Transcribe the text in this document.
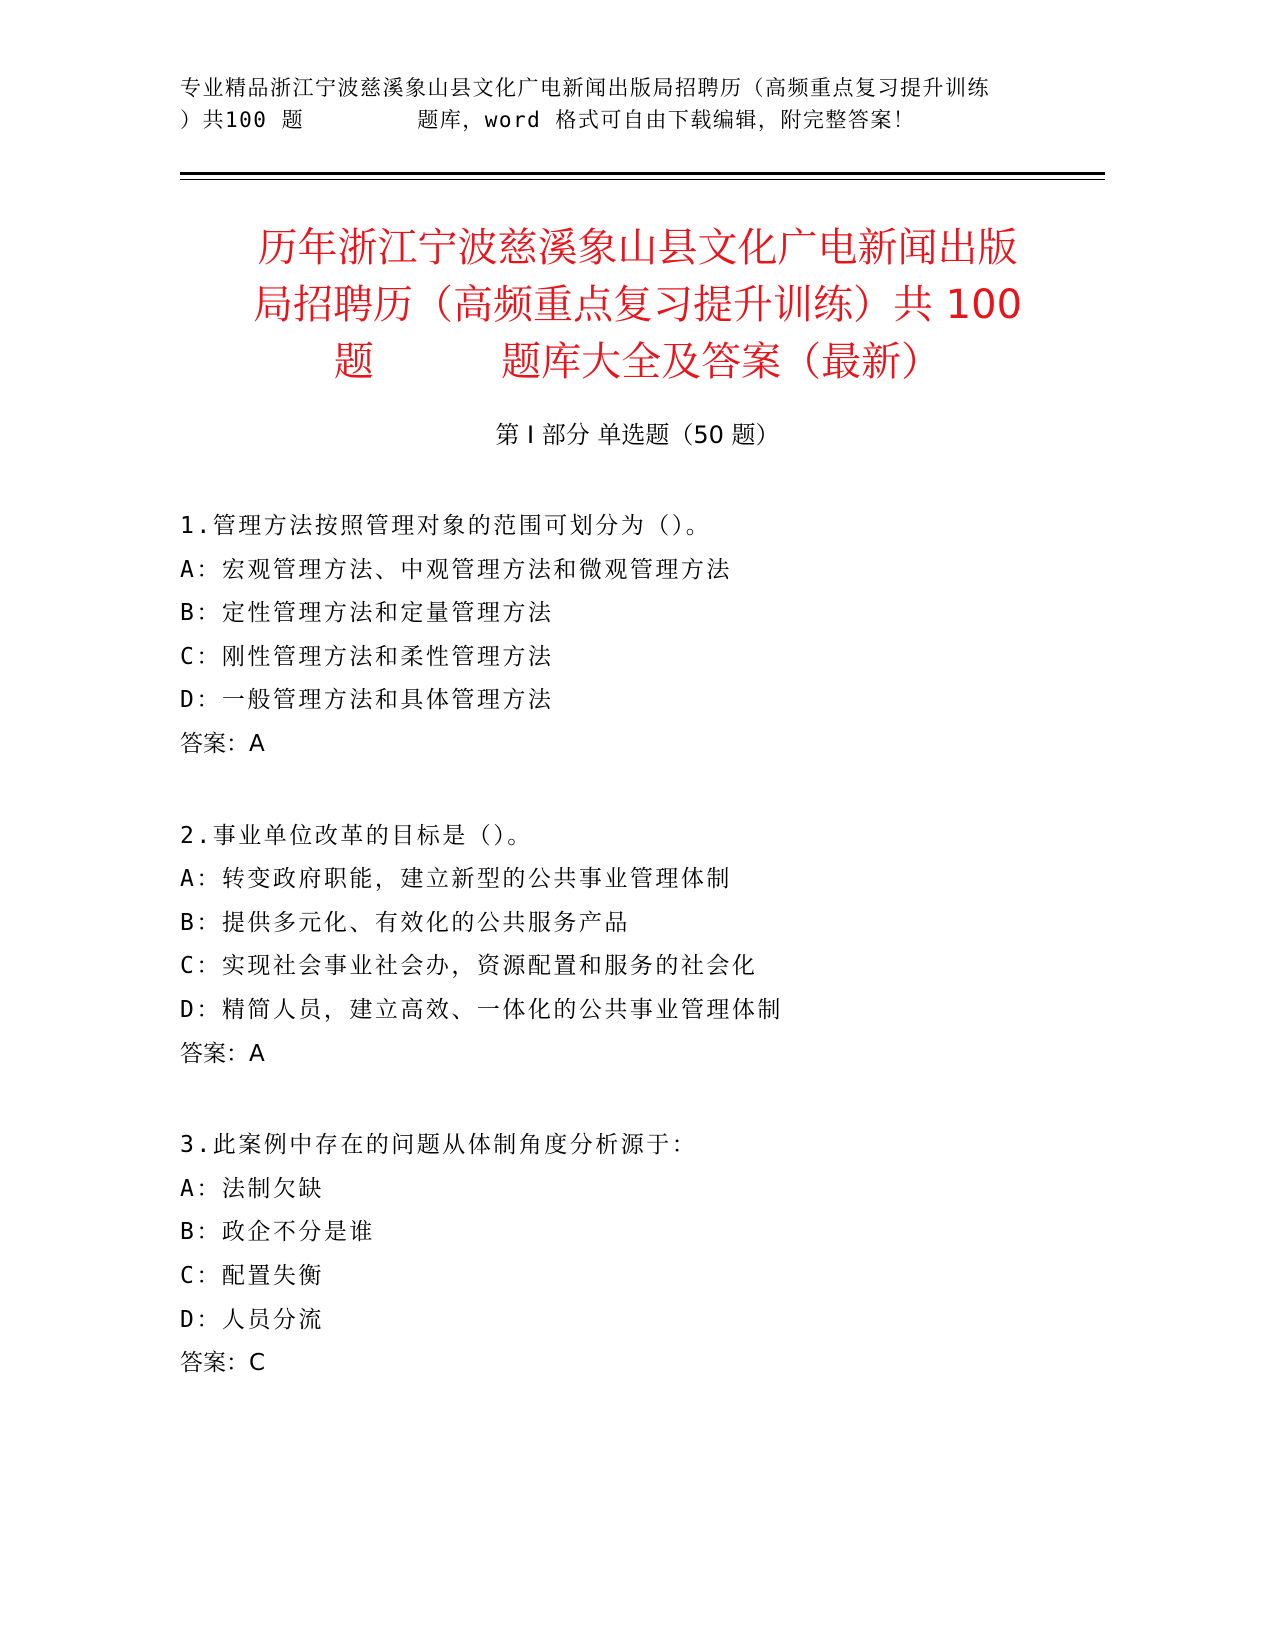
专业精品浙江宁波慈溪象山县文化广电新闻出版局招聘历（高频重点复习提升训练
）共100 题        题库，word 格式可自由下载编辑，附完整答案！
历年浙江宁波慈溪象山县文化广电新闻出版
局招聘历（高频重点复习提升训练）共 100
题          题库大全及答案（最新）
第 I 部分 单选题（50 题）
1.管理方法按照管理对象的范围可划分为（）。
A：宏观管理方法、中观管理方法和微观管理方法
B：定性管理方法和定量管理方法
C：刚性管理方法和柔性管理方法
D：一般管理方法和具体管理方法
答案：A
2.事业单位改革的目标是（）。
A：转变政府职能，建立新型的公共事业管理体制
B：提供多元化、有效化的公共服务产品
C：实现社会事业社会办，资源配置和服务的社会化
D：精简人员，建立高效、一体化的公共事业管理体制
答案：A
3.此案例中存在的问题从体制角度分析源于：
A：法制欠缺
B：政企不分是谁
C：配置失衡
D：人员分流
答案：C
